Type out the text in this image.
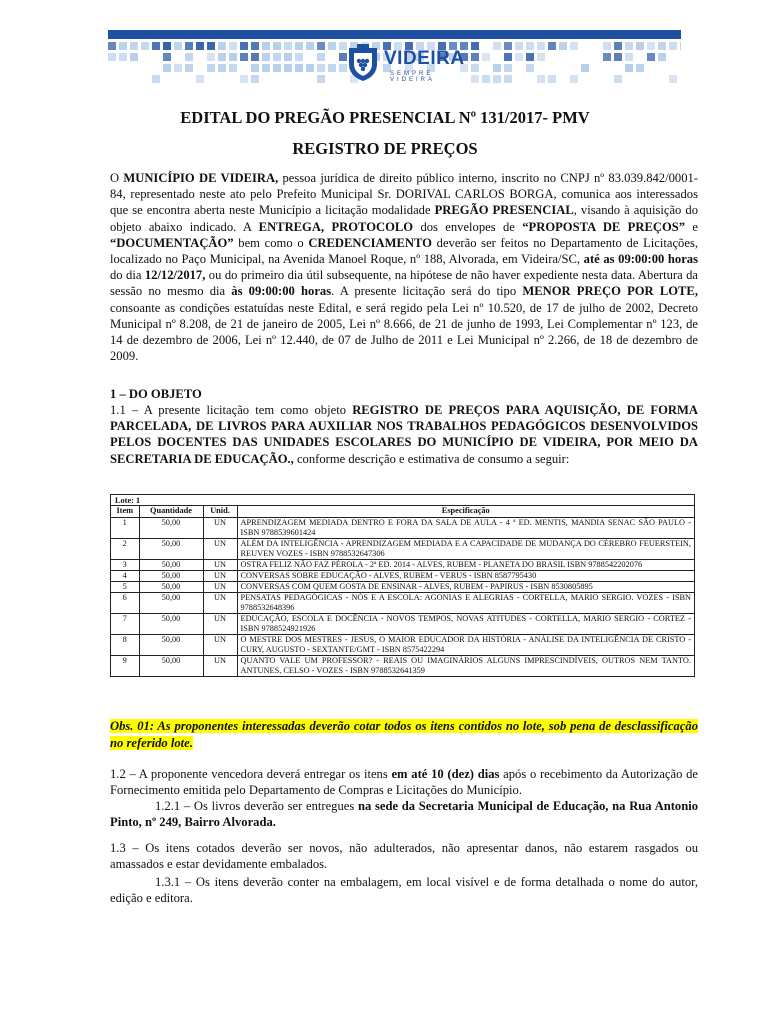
VIDEIRA
SEMPRE VIDEIRA
EDITAL DO PREGÃO PRESENCIAL Nº 131/2017- PMV
REGISTRO DE PREÇOS
O MUNICÍPIO DE VIDEIRA, pessoa jurídica de direito público interno, inscrito no CNPJ nº 83.039.842/0001-84, representado neste ato pelo Prefeito Municipal Sr. DORIVAL CARLOS BORGA, comunica aos interessados que se encontra aberta neste Município a licitação modalidade PREGÃO PRESENCIAL, visando à aquisição do objeto abaixo indicado. A ENTREGA, PROTOCOLO dos envelopes de “PROPOSTA DE PREÇOS” e “DOCUMENTAÇÃO” bem como o CREDENCIAMENTO deverão ser feitos no Departamento de Licitações, localizado no Paço Municipal, na Avenida Manoel Roque, nº 188, Alvorada, em Videira/SC, até as 09:00:00 horas do dia 12/12/2017, ou do primeiro dia útil subsequente, na hipótese de não haver expediente nesta data. Abertura da sessão no mesmo dia às 09:00:00 horas. A presente licitação será do tipo MENOR PREÇO POR LOTE, consoante as condições estatuídas neste Edital, e será regido pela Lei nº 10.520, de 17 de julho de 2002, Decreto Municipal nº 8.208, de 21 de janeiro de 2005, Lei nº 8.666, de 21 de junho de 1993, Lei Complementar nº 123, de 14 de dezembro de 2006, Lei nº 12.440, de 07 de Julho de 2011 e Lei Municipal nº 2.266, de 18 de dezembro de 2009.
1 – DO OBJETO
1.1 – A presente licitação tem como objeto REGISTRO DE PREÇOS PARA AQUISIÇÃO, DE FORMA PARCELADA, DE LIVROS PARA AUXILIAR NOS TRABALHOS PEDAGÓGICOS DESENVOLVIDOS PELOS DOCENTES DAS UNIDADES ESCOLARES DO MUNICÍPIO DE VIDEIRA, POR MEIO DA SECRETARIA DE EDUCAÇÃO., conforme descrição e estimativa de consumo a seguir:
Lote: 1
Item	Quantidade	Unid.	Especificação
1	50,00	UN	APRENDIZAGEM MEDIADA DENTRO E FORA DA SALA DE AULA - 4 ª ED. MENTIS, MANDIA SENAC SÃO PAULO - ISBN 9788539601424
2	50,00	UN	ALÉM DA INTELIGÊNCIA - APRENDIZAGEM MEDIADA E A CAPACIDADE DE MUDANÇA DO CÉREBRO FEUERSTEIN, REUVEN VOZES - ISBN 9788532647306
3	50,00	UN	OSTRA FELIZ NÃO FAZ PÉROLA - 2ª ED. 2014 - ALVES, RUBEM - PLANETA DO BRASIL ISBN 9788542202076
4	50,00	UN	CONVERSAS SOBRE EDUCAÇÃO - ALVES, RUBEM - VERUS - ISBN 8587795430
5	50,00	UN	CONVERSAS COM QUEM GOSTA DE ENSINAR - ALVES, RUBEM - PAPIRUS - ISBN 8530805895
6	50,00	UN	PENSATAS PEDAGÓGICAS - NÓS E A ESCOLA: AGONIAS E ALEGRIAS - CORTELLA, MARIO SERGIO. VOZES - ISBN 9788532648396
7	50,00	UN	EDUCAÇÃO, ESCOLA E DOCÊNCIA - NOVOS TEMPOS, NOVAS ATITUDES - CORTELLA, MARIO SERGIO - CORTEZ - ISBN 9788524921926
8	50,00	UN	O MESTRE DOS MESTRES - JESUS, O MAIOR EDUCADOR DA HISTÓRIA - ANÁLISE DA INTELIGÊNCIA DE CRISTO - CURY, AUGUSTO - SEXTANTE/GMT - ISBN 8575422294
9	50,00	UN	QUANTO VALE UM PROFESSOR? - REAIS OU IMAGINÁRIOS ALGUNS IMPRESCINDÍVEIS, OUTROS NEM TANTO. ANTUNES, CELSO - VOZES - ISBN 9788532641359
Obs. 01: As proponentes interessadas deverão cotar todos os itens contidos no lote, sob pena de desclassificação no referido lote.
1.2 – A proponente vencedora deverá entregar os itens em até 10 (dez) dias após o recebimento da Autorização de Fornecimento emitida pelo Departamento de Compras e Licitações do Município.
1.2.1 – Os livros deverão ser entregues na sede da Secretaria Municipal de Educação, na Rua Antonio Pinto, nº 249, Bairro Alvorada.
1.3 – Os itens cotados deverão ser novos, não adulterados, não apresentar danos, não estarem rasgados ou amassados e estar devidamente embalados.
1.3.1 – Os itens deverão conter na embalagem, em local visível e de forma detalhada o nome do autor, edição e editora.
